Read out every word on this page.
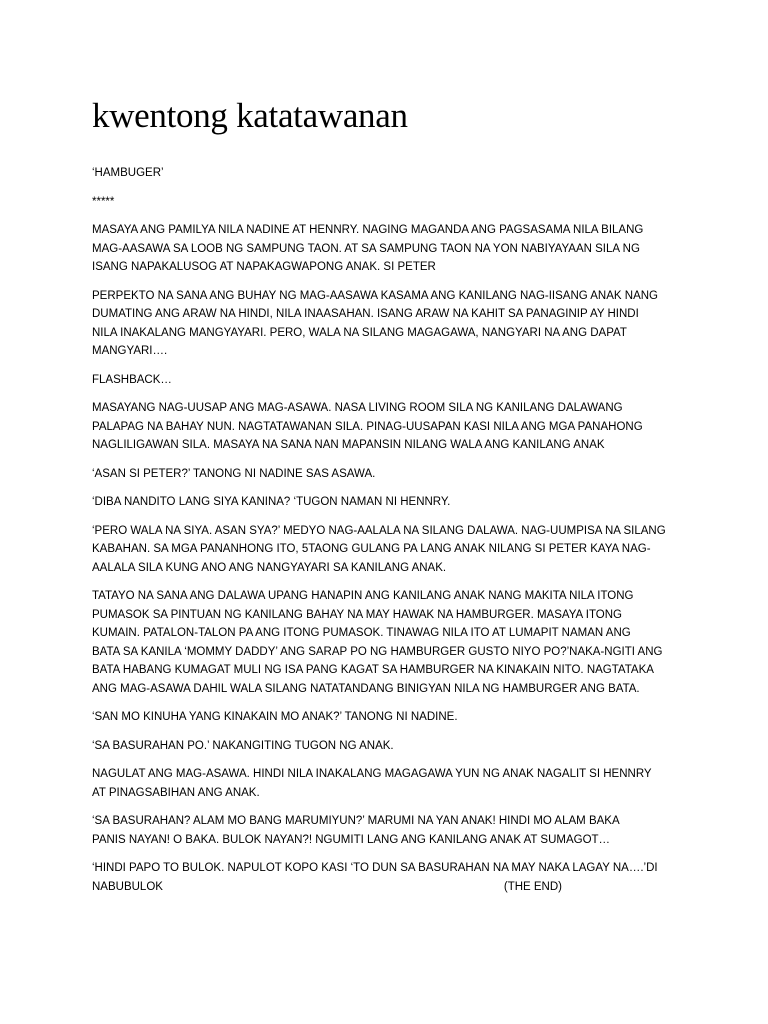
kwentong katatawanan

‘HAMBUGER’

*****

MASAYA ANG PAMILYA NILA NADINE AT HENNRY. NAGING MAGANDA ANG PAGSASAMA NILA BILANG
MAG-AASAWA SA LOOB NG SAMPUNG TAON. AT SA SAMPUNG TAON NA YON NABIYAYAAN SILA NG
ISANG NAPAKALUSOG AT NAPAKAGWAPONG ANAK. SI PETER

PERPEKTO NA SANA ANG BUHAY NG MAG-AASAWA KASAMA ANG KANILANG NAG-IISANG ANAK NANG
DUMATING ANG ARAW NA HINDI, NILA INAASAHAN. ISANG ARAW NA KAHIT SA PANAGINIP AY HINDI
NILA INAKALANG MANGYAYARI. PERO, WALA NA SILANG MAGAGAWA, NANGYARI NA ANG DAPAT
MANGYARI….

FLASHBACK…

MASAYANG NAG-UUSAP ANG MAG-ASAWA. NASA LIVING ROOM SILA NG KANILANG DALAWANG
PALAPAG NA BAHAY NUN. NAGTATAWANAN SILA. PINAG-UUSAPAN KASI NILA ANG MGA PANAHONG
NAGLILIGAWAN SILA. MASAYA NA SANA NAN MAPANSIN NILANG WALA ANG KANILANG ANAK

‘ASAN SI PETER?’ TANONG NI NADINE SAS ASAWA.

‘DIBA NANDITO LANG SIYA KANINA? ‘TUGON NAMAN NI HENNRY.

‘PERO WALA NA SIYA. ASAN SYA?’ MEDYO NAG-AALALA NA SILANG DALAWA. NAG-UUMPISA NA SILANG
KABAHAN. SA MGA PANANHONG ITO, 5TAONG GULANG PA LANG ANAK NILANG SI PETER KAYA NAG-
AALALA SILA KUNG ANO ANG NANGYAYARI SA KANILANG ANAK.

TATAYO NA SANA ANG DALAWA UPANG HANAPIN ANG KANILANG ANAK NANG MAKITA NILA ITONG
PUMASOK SA PINTUAN NG KANILANG BAHAY NA MAY HAWAK NA HAMBURGER. MASAYA ITONG
KUMAIN. PATALON-TALON PA ANG ITONG PUMASOK. TINAWAG NILA ITO AT LUMAPIT NAMAN ANG
BATA SA KANILA ‘MOMMY DADDY’ ANG SARAP PO NG HAMBURGER GUSTO NIYO PO?’NAKA-NGITI ANG
BATA HABANG KUMAGAT MULI NG ISA PANG KAGAT SA HAMBURGER NA KINAKAIN NITO. NAGTATAKA
ANG MAG-ASAWA DAHIL WALA SILANG NATATANDANG BINIGYAN NILA NG HAMBURGER ANG BATA.

‘SAN MO KINUHA YANG KINAKAIN MO ANAK?’ TANONG NI NADINE.

‘SA BASURAHAN PO.’ NAKANGITING TUGON NG ANAK.

NAGULAT ANG MAG-ASAWA. HINDI NILA INAKALANG MAGAGAWA YUN NG ANAK NAGALIT SI HENNRY
AT PINAGSABIHAN ANG ANAK.

‘SA BASURAHAN? ALAM MO BANG MARUMIYUN?’ MARUMI NA YAN ANAK! HINDI MO ALAM BAKA
PANIS NAYAN! O BAKA. BULOK NAYAN?! NGUMITI LANG ANG KANILANG ANAK AT SUMAGOT…

‘HINDI PAPO TO BULOK. NAPULOT KOPO KASI ‘TO DUN SA BASURAHAN NA MAY NAKA LAGAY NA….’DI

NABUBULOK	(THE END)
